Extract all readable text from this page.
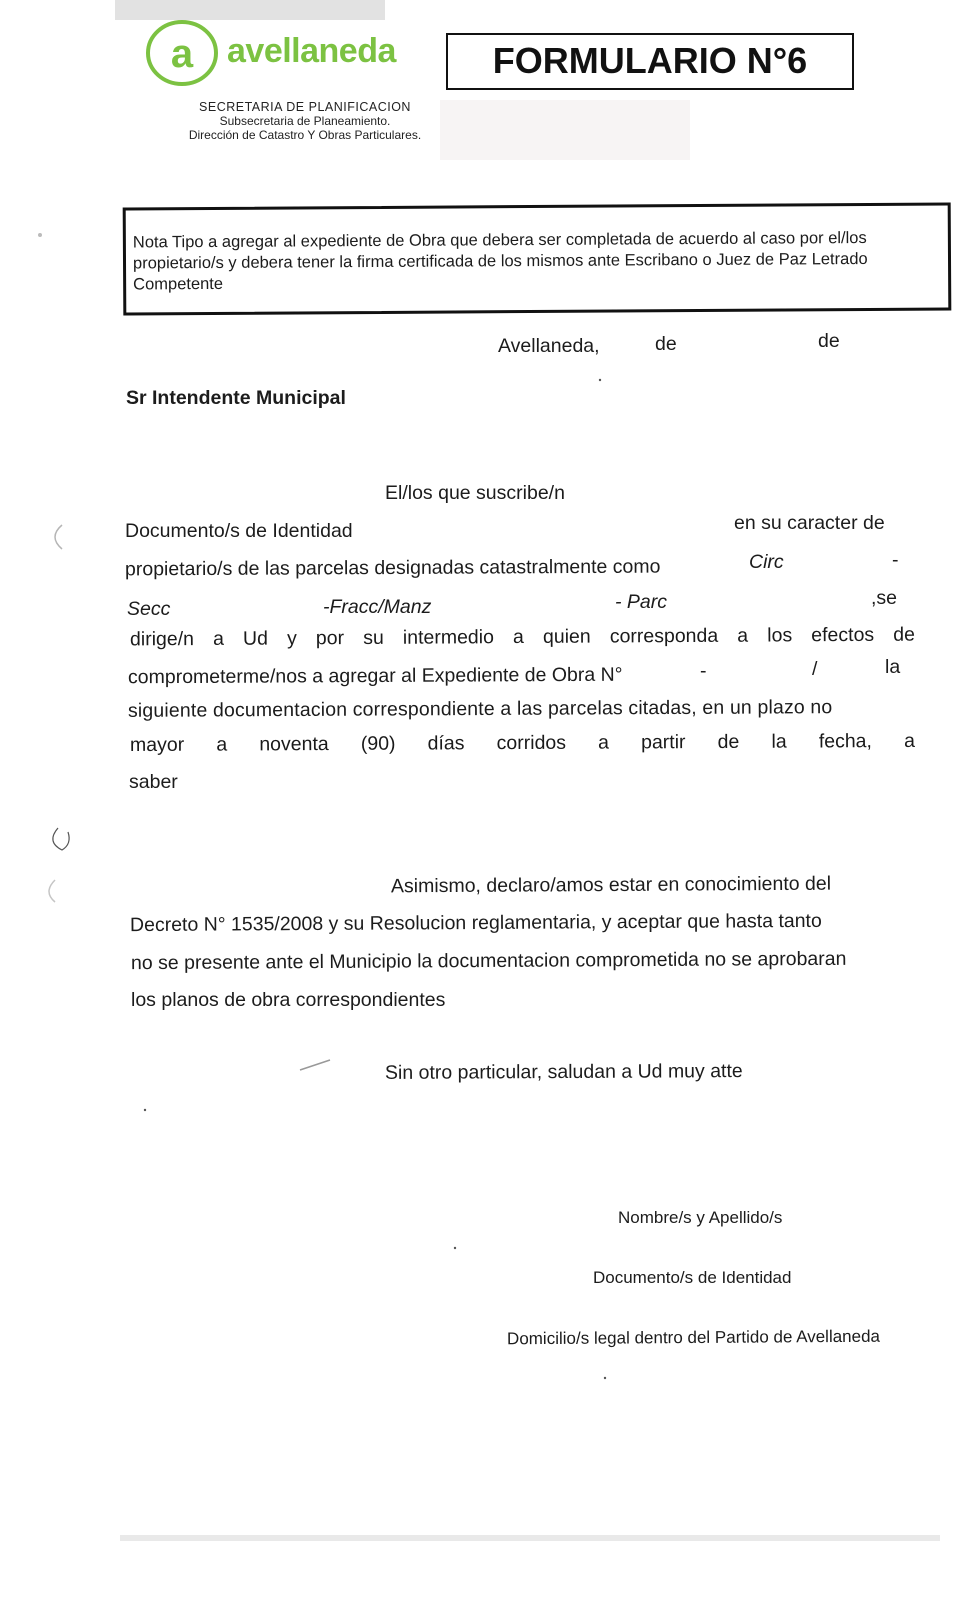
a avellaneda
SECRETARIA DE PLANIFICACION
Subsecretaria de Planeamiento.
Dirección de Catastro Y Obras Particulares.
FORMULARIO N°6
Nota Tipo a agregar al expediente de Obra que debera ser completada de acuerdo al caso por el/los propietario/s y debera tener la firma certificada de los mismos ante Escribano o Juez de Paz Letrado Competente
Avellaneda,	de	de
Sr Intendente Municipal
El/los que suscribe/n
Documento/s de Identidad	en su caracter de
propietario/s de las parcelas designadas catastralmente como	Circ	-
Secc	-Fracc/Manz	- Parc	,se
dirige/n a Ud y por su intermedio a quien corresponda a los efectos de
comprometerme/nos a agregar al Expediente de Obra N°	-	/	la
siguiente documentacion correspondiente a las parcelas citadas, en un plazo no
mayor a noventa (90) días corridos a partir de la fecha, a
saber
Asimismo, declaro/amos estar en conocimiento del
Decreto N° 1535/2008 y su Resolucion reglamentaria, y aceptar que hasta tanto
no se presente ante el Municipio la documentacion comprometida no se aprobaran
los planos de obra correspondientes
Sin otro particular, saludan a Ud muy atte
Nombre/s y Apellido/s
Documento/s de Identidad
Domicilio/s legal dentro del Partido de Avellaneda
